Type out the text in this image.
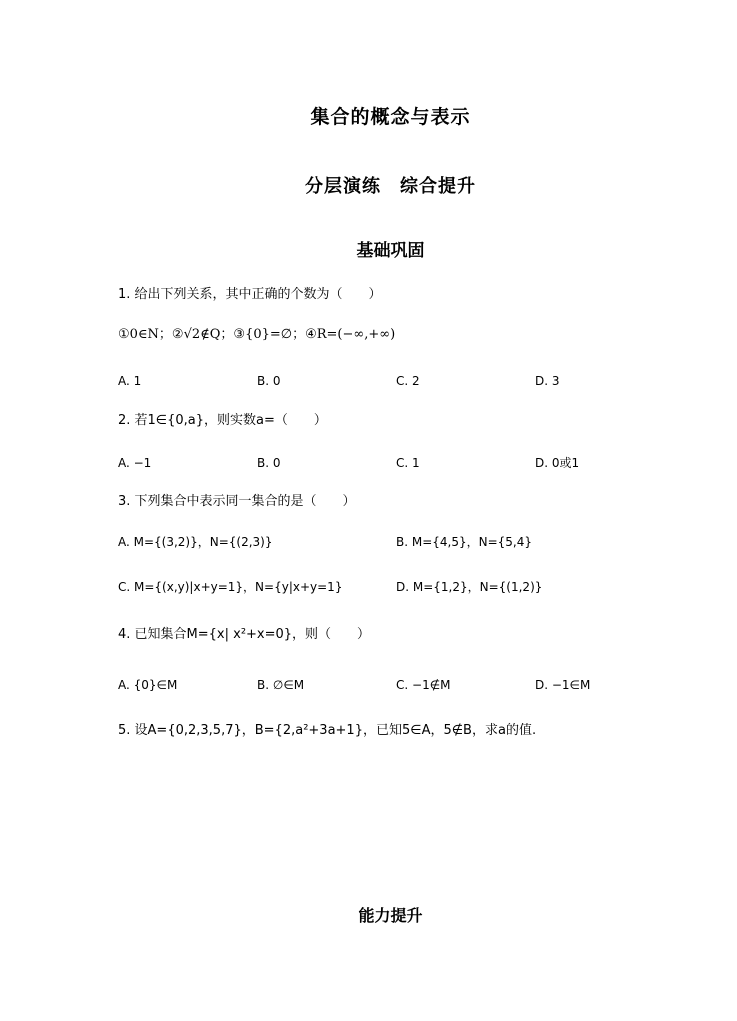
集合的概念与表示
分层演练　综合提升
基础巩固
1. 给出下列关系，其中正确的个数为（　　）
①0∈N；②√2∉Q；③{0}=∅；④R=(−∞,+∞)
A. 1	B. 0	C. 2	D. 3
2. 若1∈{0,a}，则实数a=（　　）
A. −1	B. 0	C. 1	D. 0或1
3. 下列集合中表示同一集合的是（　　）
A. M={(3,2)}，N={(2,3)}	B. M={4,5}，N={5,4}
C. M={(x,y)|x+y=1}，N={y|x+y=1}	D. M={1,2}，N={(1,2)}
4. 已知集合M={x| x²+x=0}，则（　　）
A. {0}∈M	B. ∅∈M	C. −1∉M	D. −1∈M
5. 设A={0,2,3,5,7}，B={2,a²+3a+1}，已知5∈A，5∉B，求a的值.
能力提升
